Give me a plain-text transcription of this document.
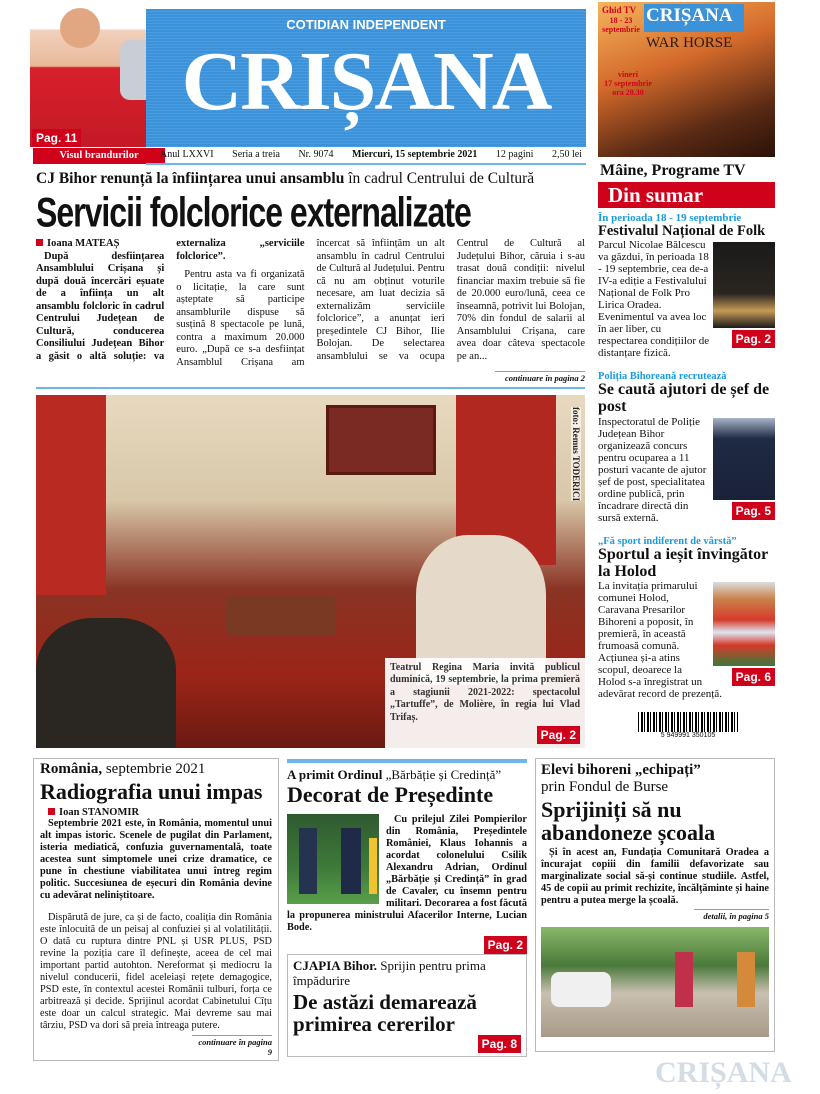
Pag. 11
Visul brandurilor
COTIDIAN INDEPENDENT
CRIȘANA
Anul LXXVI Seria a treia Nr. 9074 Miercuri, 15 septembrie 2021 12 pagini 2,50 lei
CRIȘANA
Ghid TV
18 - 23 septembrie
WAR HORSE
vineri
17 septembrie
ora 20.30
Mâine, Programe TV
Din sumar
CJ Bihor renunță la înființarea unui ansamblu în cadrul Centrului de Cultură
Servicii folclorice externalizate
Ioana MATEAȘ

După desființarea Ansamblului Crișana și după două încercări eșuate de a înființa un alt ansamblu folcloric în cadrul Centrului Județean de Cultură, conducerea Consiliului Județean Bihor a găsit o altă soluție: va externaliza „serviciile folclorice”.

Pentru asta va fi organizată o licitație, la care sunt așteptate să participe ansamblurile dispuse să susțină 8 spectacole pe lună, contra a maximum 20.000 euro. „După ce s-a desființat Ansamblul Crișana am încercat să înființăm un alt ansamblu în cadrul Centrului de Cultură al Județului. Pentru că nu am obținut voturile necesare, am luat decizia să externalizăm serviciile folclorice”, a anunțat ieri președintele CJ Bihor, Ilie Bolojan. De selectarea ansamblului se va ocupa Centrul de Cultură al Județului Bihor, căruia i s-au trasat două condiții: nivelul financiar maxim trebuie să fie de 20.000 euro/lună, ceea ce înseamnă, potrivit lui Bolojan, 70% din fondul de salarii al Ansamblului Crișana, care avea doar câteva spectacole pe an...

continuare în pagina 2
foto: Remus TODERICI
Teatrul Regina Maria invită publicul duminică, 19 septembrie, la prima premieră a stagiunii 2021-2022: spectacolul „Tartuffe”, de Molière, în regia lui Vlad Trifaș.
Pag. 2
În perioada 18 - 19 septembrie
Festivalul Național de Folk
Pag. 2
Parcul Nicolae Bălcescu va găzdui, în perioada 18 - 19 septembrie, cea de-a IV-a ediție a Festivalului Național de Folk Pro Lirica Oradea. Evenimentul va avea loc în aer liber, cu respectarea condițiilor de distanțare fizică.
Poliția Bihoreană recrutează
Se caută ajutori de șef de post
Pag. 5
Inspectoratul de Poliție Județean Bihor organizează concurs pentru ocuparea a 11 posturi vacante de ajutor șef de post, specialitatea ordine publică, prin încadrare directă din sursă externă.
„Fă sport indiferent de vârstă”
Sportul a ieșit învingător la Holod
Pag. 6
La invitația primarului comunei Holod, Caravana Presarilor Bihoreni a poposit, în premieră, în această frumoasă comună. Acțiunea și-a atins scopul, deoarece la Holod s-a înregistrat un adevărat record de prezență.
5 949991 350105
România, septembrie 2021
Radiografia unui impas
Ioan STANOMIR

Septembrie 2021 este, în România, momentul unui alt impas istoric. Scenele de pugilat din Parlament, isteria mediatică, confuzia guvernamentală, toate acestea sunt simptomele unei crize dramatice, ce pune în chestiune viabilitatea unui întreg regim politic. Succesiunea de eșecuri din România devine cu adevărat neliniștitoare.

Dispărută de jure, ca și de facto, coaliția din România este înlocuită de un peisaj al confuziei și al volatilității. O dată cu ruptura dintre PNL și USR PLUS, PSD revine la poziția care îl definește, aceea de cel mai important partid autohton. Nereformat și mediocru la nivelul conducerii, fidel aceleiași rețete demagogice, PSD este, în contextul acestei Românii tulburi, forța ce arbitrează și decide. Sprijinul acordat Cabinetului Cîțu este doar un calcul strategic. Mai devreme sau mai târziu, PSD va dori să preia întreaga putere.

continuare în pagina 9
A primit Ordinul „Bărbăție și Credință”
Decorat de Președinte

Cu prilejul Zilei Pompierilor din România, Președintele României, Klaus Iohannis a acordat colonelului Csilik Alexandru Adrian, Ordinul „Bărbăție și Credință” în grad de Cavaler, cu însemn pentru militari. Decorarea a fost făcută la propunerea ministrului Afacerilor Interne, Lucian Bode.

Pag. 2
CJAPIA Bihor. Sprijin pentru prima împădurire
De astăzi demarează primirea cererilor
Pag. 8
Elevi bihoreni „echipați”
prin Fondul de Burse
Sprijiniți să nu abandoneze școala

Și în acest an, Fundația Comunitară Oradea a încurajat copiii din familii defavorizate sau marginalizate social să-și continue studiile. Astfel, 45 de copii au primit rechizite, încălțăminte și haine pentru a putea merge la școală.

detalii, în pagina 5

CRIȘANA
